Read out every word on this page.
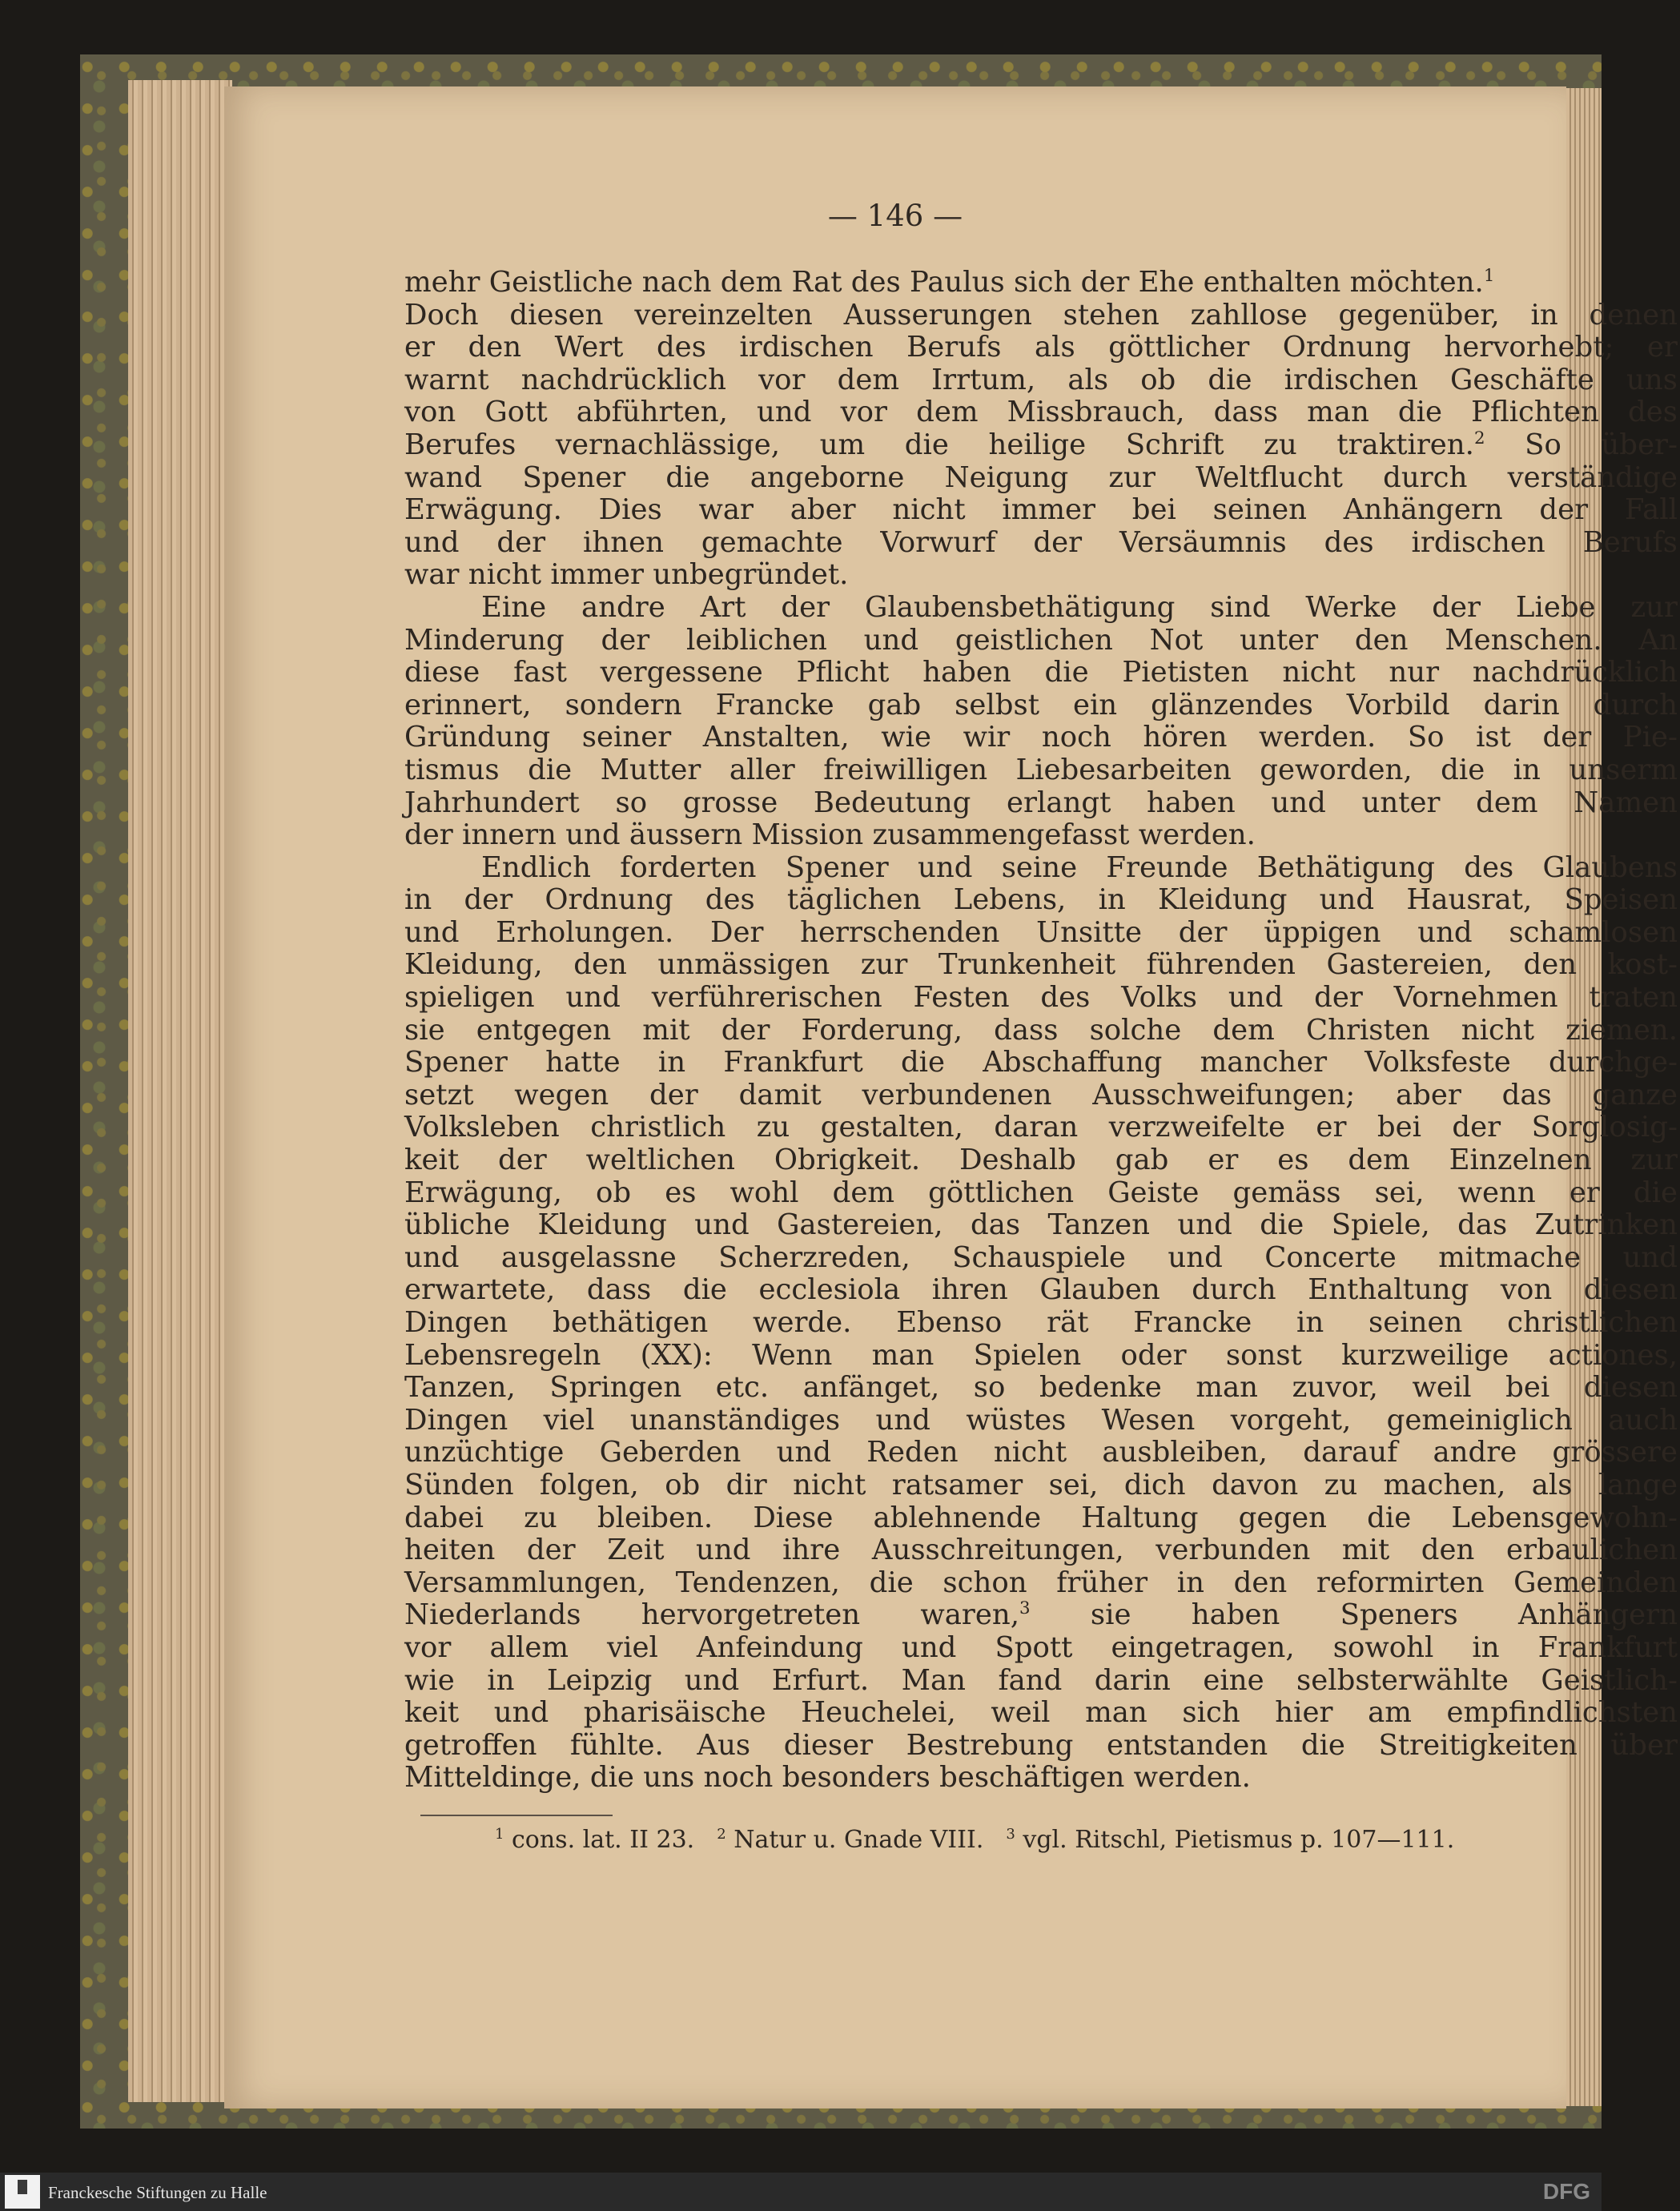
— 146 —
mehr Geistliche nach dem Rat des Paulus sich der Ehe enthalten möchten.$^1$
Doch diesen vereinzelten Ausserungen stehen zahllose gegenüber, in denen
er den Wert des irdischen Berufs als göttlicher Ordnung hervorhebt; er
warnt nachdrücklich vor dem Irrtum, als ob die irdischen Geschäfte uns
von Gott abführten, und vor dem Missbrauch, dass man die Pflichten des
Berufes vernachlässige, um die heilige Schrift zu traktiren.$^2$ So über-
wand Spener die angeborne Neigung zur Weltflucht durch verständige
Erwägung. Dies war aber nicht immer bei seinen Anhängern der Fall
und der ihnen gemachte Vorwurf der Versäumnis des irdischen Berufs
war nicht immer unbegründet.
Eine andre Art der Glaubensbethätigung sind Werke der Liebe zur
Minderung der leiblichen und geistlichen Not unter den Menschen. An
diese fast vergessene Pflicht haben die Pietisten nicht nur nachdrücklich
erinnert, sondern Francke gab selbst ein glänzendes Vorbild darin durch
Gründung seiner Anstalten, wie wir noch hören werden. So ist der Pie-
tismus die Mutter aller freiwilligen Liebesarbeiten geworden, die in unserm
Jahrhundert so grosse Bedeutung erlangt haben und unter dem Namen
der innern und äussern Mission zusammengefasst werden.
Endlich forderten Spener und seine Freunde Bethätigung des Glaubens
in der Ordnung des täglichen Lebens, in Kleidung und Hausrat, Speisen
und Erholungen. Der herrschenden Unsitte der üppigen und schamlosen
Kleidung, den unmässigen zur Trunkenheit führenden Gastereien, den kost-
spieligen und verführerischen Festen des Volks und der Vornehmen traten
sie entgegen mit der Forderung, dass solche dem Christen nicht ziemen.
Spener hatte in Frankfurt die Abschaffung mancher Volksfeste durchge-
setzt wegen der damit verbundenen Ausschweifungen; aber das ganze
Volksleben christlich zu gestalten, daran verzweifelte er bei der Sorglosig-
keit der weltlichen Obrigkeit. Deshalb gab er es dem Einzelnen zur
Erwägung, ob es wohl dem göttlichen Geiste gemäss sei, wenn er die
übliche Kleidung und Gastereien, das Tanzen und die Spiele, das Zutrinken
und ausgelassne Scherzreden, Schauspiele und Concerte mitmache und
erwartete, dass die ecclesiola ihren Glauben durch Enthaltung von diesen
Dingen bethätigen werde. Ebenso rät Francke in seinen christlichen
Lebensregeln (XX): Wenn man Spielen oder sonst kurzweilige actiones,
Tanzen, Springen etc. anfänget, so bedenke man zuvor, weil bei diesen
Dingen viel unanständiges und wüstes Wesen vorgeht, gemeiniglich auch
unzüchtige Geberden und Reden nicht ausbleiben, darauf andre grössere
Sünden folgen, ob dir nicht ratsamer sei, dich davon zu machen, als lange
dabei zu bleiben. Diese ablehnende Haltung gegen die Lebensgewohn-
heiten der Zeit und ihre Ausschreitungen, verbunden mit den erbaulichen
Versammlungen, Tendenzen, die schon früher in den reformirten Gemeinden
Niederlands hervorgetreten waren,$^3$ sie haben Speners Anhängern
vor allem viel Anfeindung und Spott eingetragen, sowohl in Frankfurt
wie in Leipzig und Erfurt. Man fand darin eine selbsterwählte Geistlich-
keit und pharisäische Heuchelei, weil man sich hier am empfindlichsten
getroffen fühlte. Aus dieser Bestrebung entstanden die Streitigkeiten über
Mitteldinge, die uns noch besonders beschäftigen werden.
$^1$ cons. lat. II 23. $^2$ Natur u. Gnade VIII. $^3$ vgl. Ritschl, Pietismus p. 107—111.
Franckesche Stiftungen zu Halle	DFG
